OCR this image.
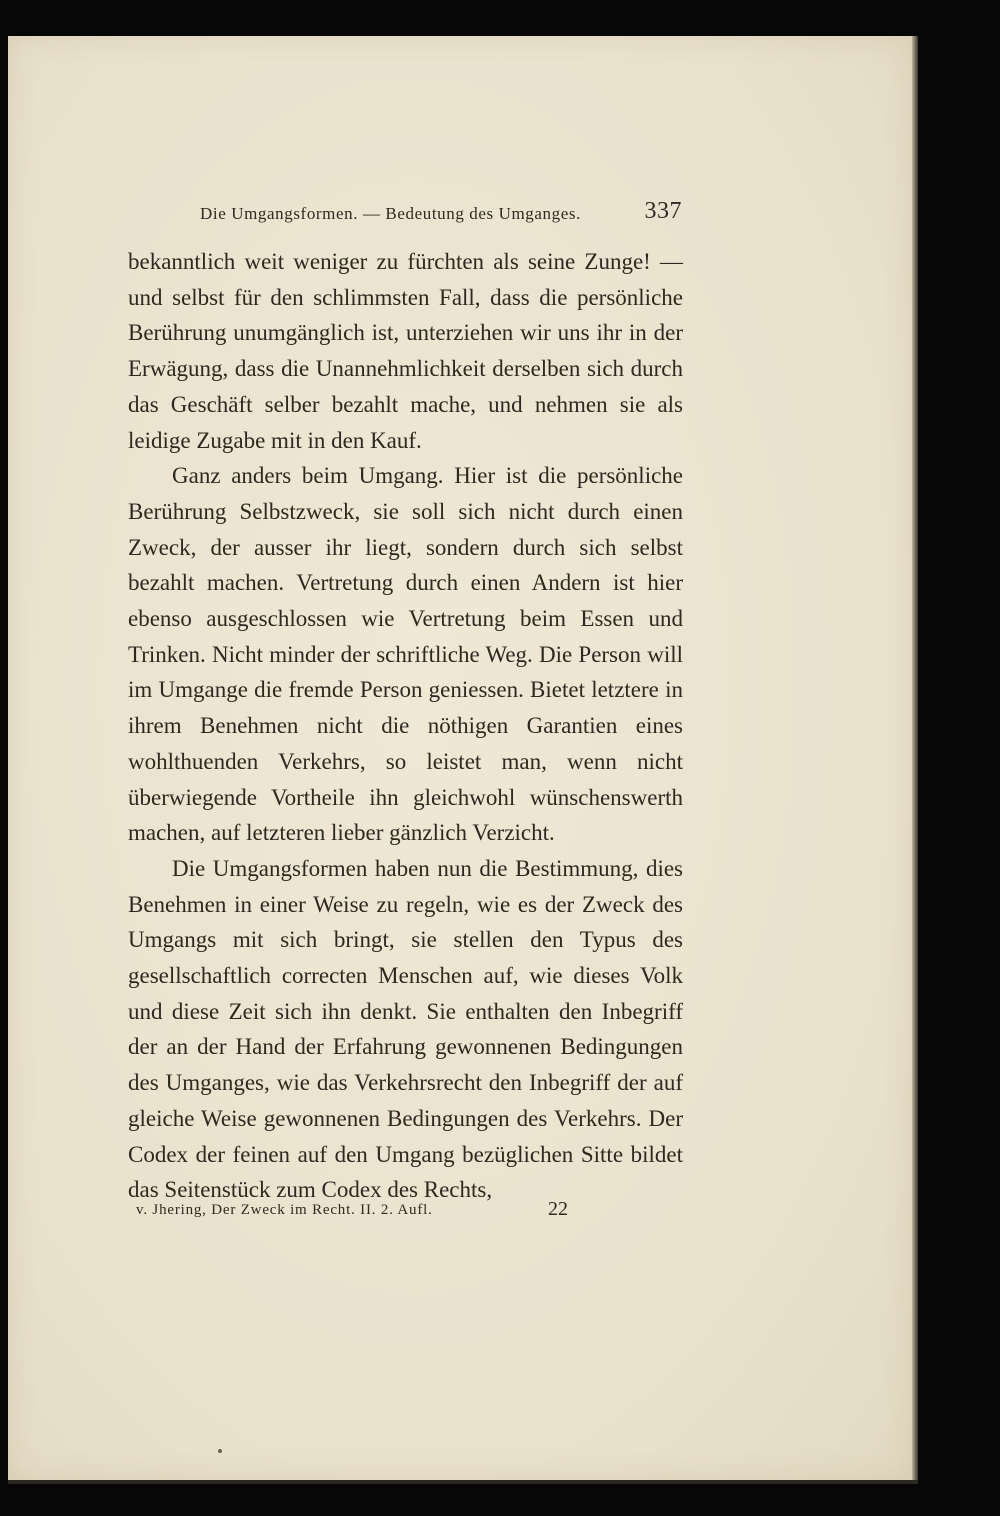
Die Umgangsformen. — Bedeutung des Umganges.	337

bekanntlich weit weniger zu fürchten als seine Zunge! — und selbst für den schlimmsten Fall, dass die persönliche Berührung unumgänglich ist, unterziehen wir uns ihr in der Erwägung, dass die Unannehmlichkeit derselben sich durch das Geschäft selber bezahlt mache, und nehmen sie als leidige Zugabe mit in den Kauf.

Ganz anders beim Umgang. Hier ist die persönliche Berührung Selbstzweck, sie soll sich nicht durch einen Zweck, der ausser ihr liegt, sondern durch sich selbst bezahlt machen. Vertretung durch einen Andern ist hier ebenso ausgeschlossen wie Vertretung beim Essen und Trinken. Nicht minder der schriftliche Weg. Die Person will im Umgange die fremde Person geniessen. Bietet letztere in ihrem Benehmen nicht die nöthigen Garantien eines wohlthuenden Verkehrs, so leistet man, wenn nicht überwiegende Vortheile ihn gleichwohl wünschenswerth machen, auf letzteren lieber gänzlich Verzicht.

Die Umgangsformen haben nun die Bestimmung, dies Benehmen in einer Weise zu regeln, wie es der Zweck des Umgangs mit sich bringt, sie stellen den Typus des gesellschaftlich correcten Menschen auf, wie dieses Volk und diese Zeit sich ihn denkt. Sie enthalten den Inbegriff der an der Hand der Erfahrung gewonnenen Bedingungen des Umganges, wie das Verkehrsrecht den Inbegriff der auf gleiche Weise gewonnenen Bedingungen des Verkehrs. Der Codex der feinen auf den Umgang bezüglichen Sitte bildet das Seitenstück zum Codex des Rechts,

v. Jhering, Der Zweck im Recht. II. 2. Aufl.	22
